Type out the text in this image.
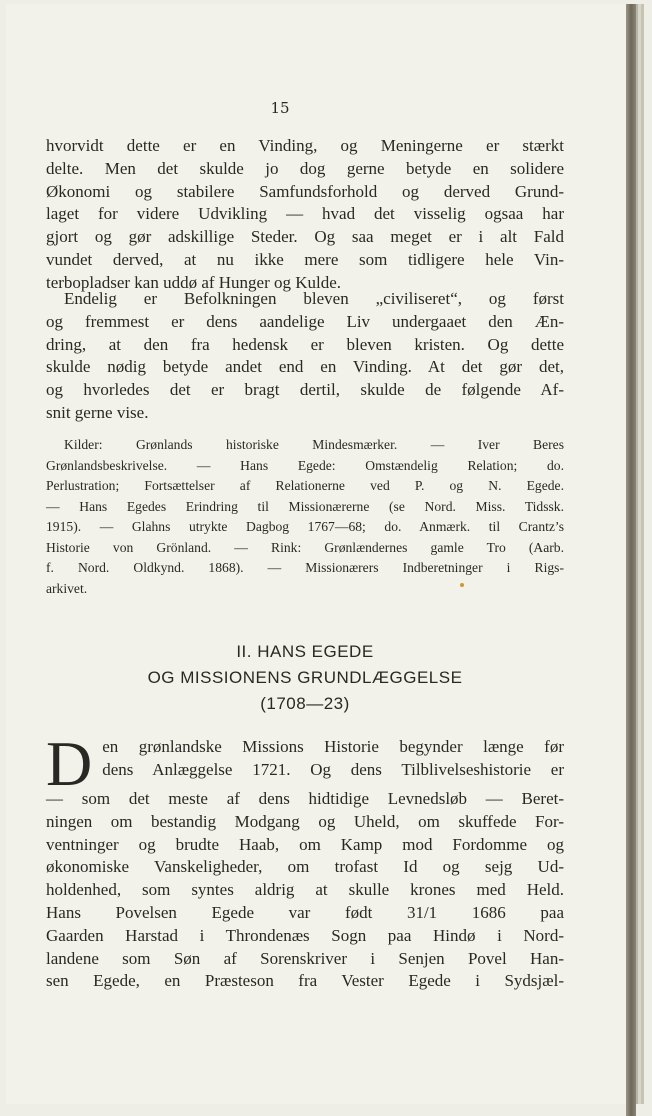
15
hvorvidt dette er en Vinding, og Meningerne er stærkt
delte. Men det skulde jo dog gerne betyde en solidere
Økonomi og stabilere Samfundsforhold og derved Grund-
laget for videre Udvikling — hvad det visselig ogsaa har
gjort og gør adskillige Steder. Og saa meget er i alt Fald
vundet derved, at nu ikke mere som tidligere hele Vin-
terbopladser kan uddø af Hunger og Kulde.
Endelig er Befolkningen bleven „civiliseret“, og først
og fremmest er dens aandelige Liv undergaaet den Æn-
dring, at den fra hedensk er bleven kristen. Og dette
skulde nødig betyde andet end en Vinding. At det gør det,
og hvorledes det er bragt dertil, skulde de følgende Af-
snit gerne vise.
Kilder: Grønlands historiske Mindesmærker. — Iver Beres
Grønlandsbeskrivelse. — Hans Egede: Omstændelig Relation; do.
Perlustration; Fortsættelser af Relationerne ved P. og N. Egede.
— Hans Egedes Erindring til Missionærerne (se Nord. Miss. Tidssk.
1915). — Glahns utrykte Dagbog 1767—68; do. Anmærk. til Crantz’s
Historie von Grönland. — Rink: Grønlændernes gamle Tro (Aarb.
f. Nord. Oldkynd. 1868). — Missionærers Indberetninger i Rigs-
arkivet.
II. HANS EGEDE
OG MISSIONENS GRUNDLÆGGELSE
(1708—23)
D en grønlandske Missions Historie begynder længe før
dens Anlæggelse 1721. Og dens Tilblivelseshistorie er
— som det meste af dens hidtidige Levnedsløb — Beret-
ningen om bestandig Modgang og Uheld, om skuffede For-
ventninger og brudte Haab, om Kamp mod Fordomme og
økonomiske Vanskeligheder, om trofast Id og sejg Ud-
holdenhed, som syntes aldrig at skulle krones med Held.
Hans Povelsen Egede var født 31/1 1686 paa
Gaarden Harstad i Throndenæs Sogn paa Hindø i Nord-
landene som Søn af Sorenskriver i Senjen Povel Han-
sen Egede, en Præsteson fra Vester Egede i Sydsjæl-
